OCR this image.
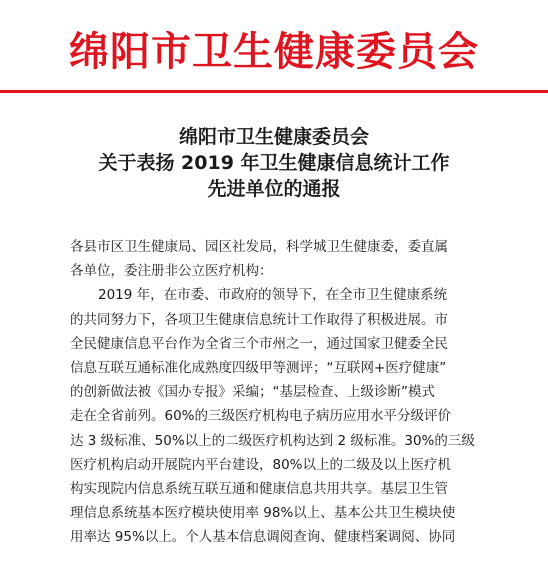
绵阳市卫生健康委员会
绵阳市卫生健康委员会
关于表扬 2019 年卫生健康信息统计工作
先进单位的通报
各县市区卫生健康局、园区社发局，科学城卫生健康委，委直属
各单位，委注册非公立医疗机构：
2019 年，在市委、市政府的领导下，在全市卫生健康系统
的共同努力下，各项卫生健康信息统计工作取得了积极进展。市
全民健康信息平台作为全省三个市州之一，通过国家卫健委全民
信息互联互通标准化成熟度四级甲等测评；“互联网+医疗健康”
的创新做法被《国办专报》采编；“基层检查、上级诊断”模式
走在全省前列。60%的三级医疗机构电子病历应用水平分级评价
达 3 级标准、50%以上的二级医疗机构达到 2 级标准。30%的三级
医疗机构启动开展院内平台建设，80%以上的二级及以上医疗机
构实现院内信息系统互联互通和健康信息共用共享。基层卫生管
理信息系统基本医疗模块使用率 98%以上、基本公共卫生模块使
用率达 95%以上。个人基本信息调阅查询、健康档案调阅、协同
